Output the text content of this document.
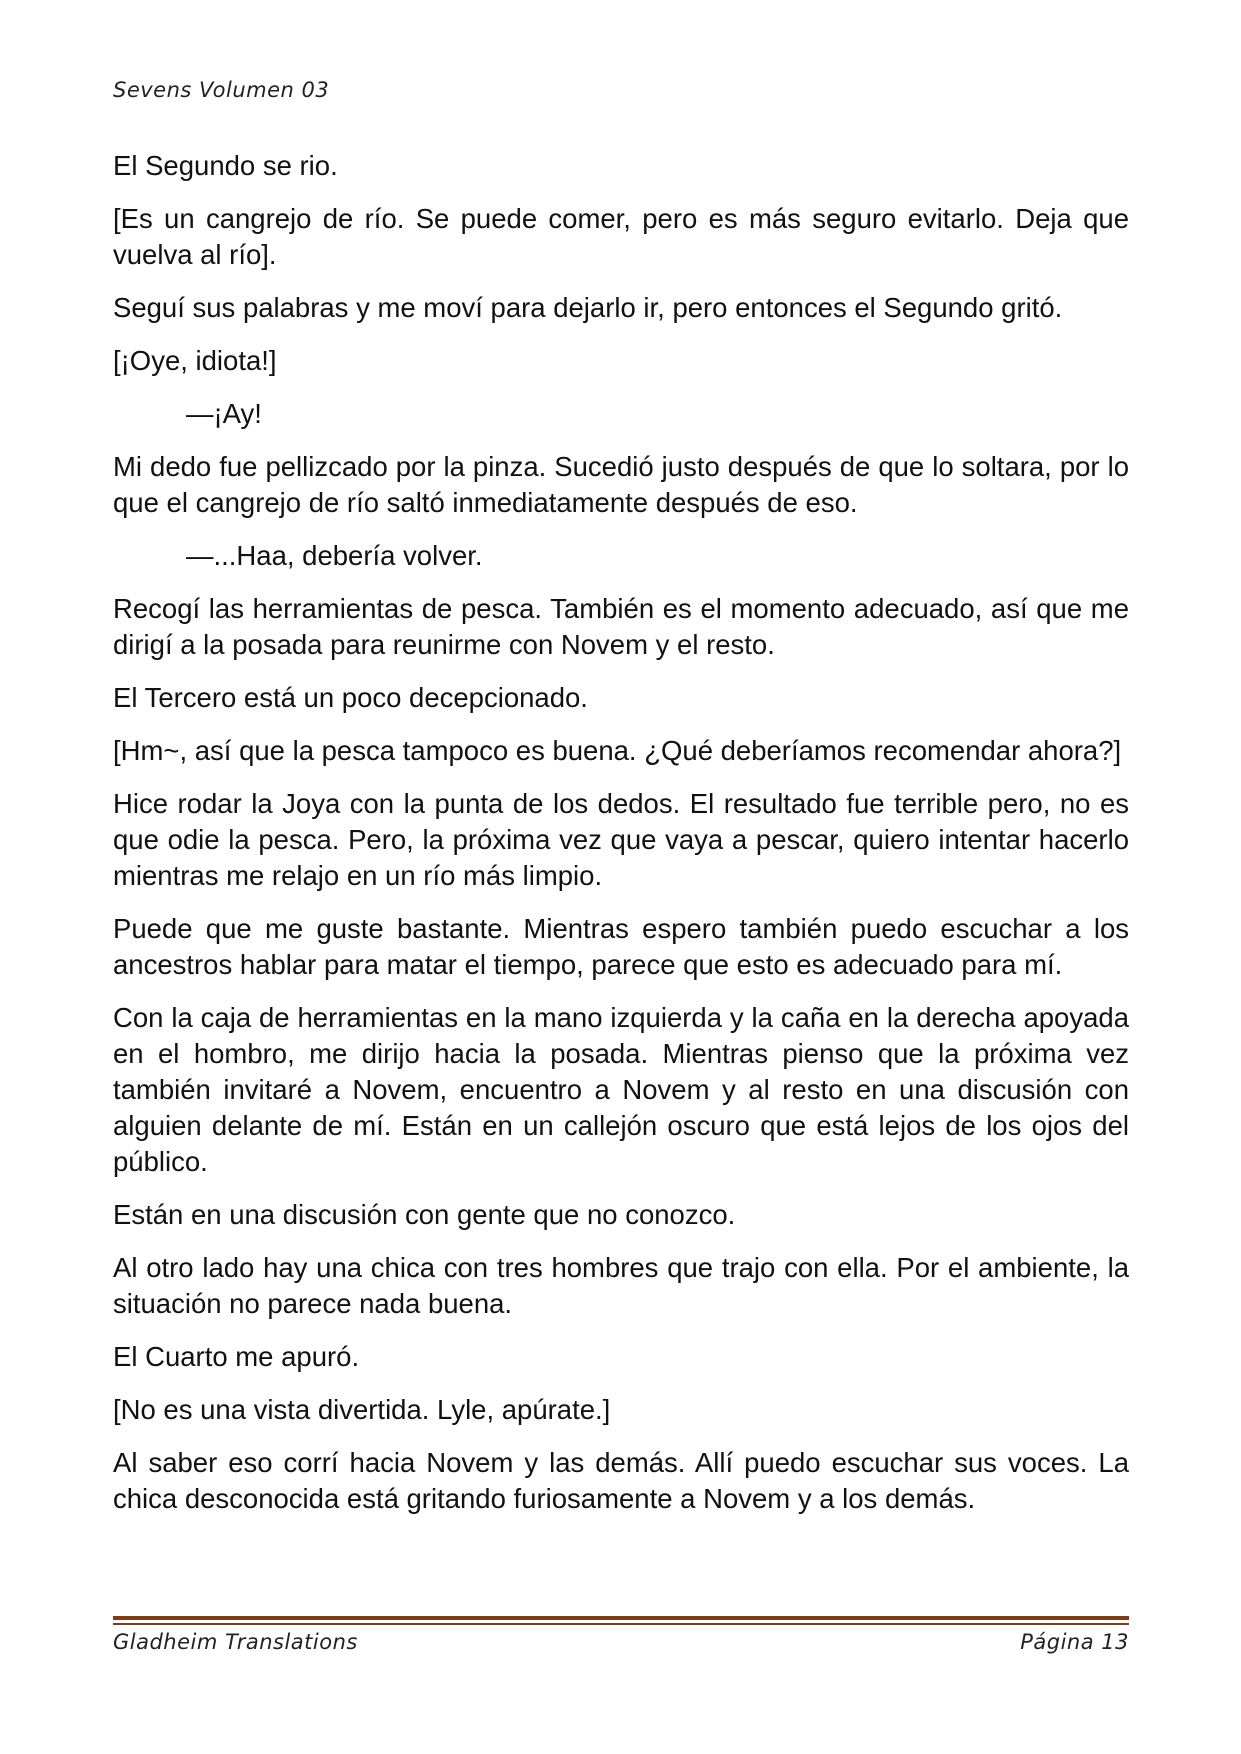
Sevens Volumen 03

El Segundo se rio.

[Es un cangrejo de río. Se puede comer, pero es más seguro evitarlo. Deja que vuelva al río].

Seguí sus palabras y me moví para dejarlo ir, pero entonces el Segundo gritó.

[¡Oye, idiota!]

—¡Ay!

Mi dedo fue pellizcado por la pinza. Sucedió justo después de que lo soltara, por lo que el cangrejo de río saltó inmediatamente después de eso.

—...Haa, debería volver.

Recogí las herramientas de pesca. También es el momento adecuado, así que me dirigí a la posada para reunirme con Novem y el resto.

El Tercero está un poco decepcionado.

[Hm~, así que la pesca tampoco es buena. ¿Qué deberíamos recomendar ahora?]

Hice rodar la Joya con la punta de los dedos. El resultado fue terrible pero, no es que odie la pesca. Pero, la próxima vez que vaya a pescar, quiero intentar hacerlo mientras me relajo en un río más limpio.

Puede que me guste bastante. Mientras espero también puedo escuchar a los ancestros hablar para matar el tiempo, parece que esto es adecuado para mí.

Con la caja de herramientas en la mano izquierda y la caña en la derecha apoyada en el hombro, me dirijo hacia la posada. Mientras pienso que la próxima vez también invitaré a Novem, encuentro a Novem y al resto en una discusión con alguien delante de mí. Están en un callejón oscuro que está lejos de los ojos del público.

Están en una discusión con gente que no conozco.

Al otro lado hay una chica con tres hombres que trajo con ella. Por el ambiente, la situación no parece nada buena.

El Cuarto me apuró.

[No es una vista divertida. Lyle, apúrate.]

Al saber eso corrí hacia Novem y las demás. Allí puedo escuchar sus voces. La chica desconocida está gritando furiosamente a Novem y a los demás.

Gladheim Translations	Página 13
